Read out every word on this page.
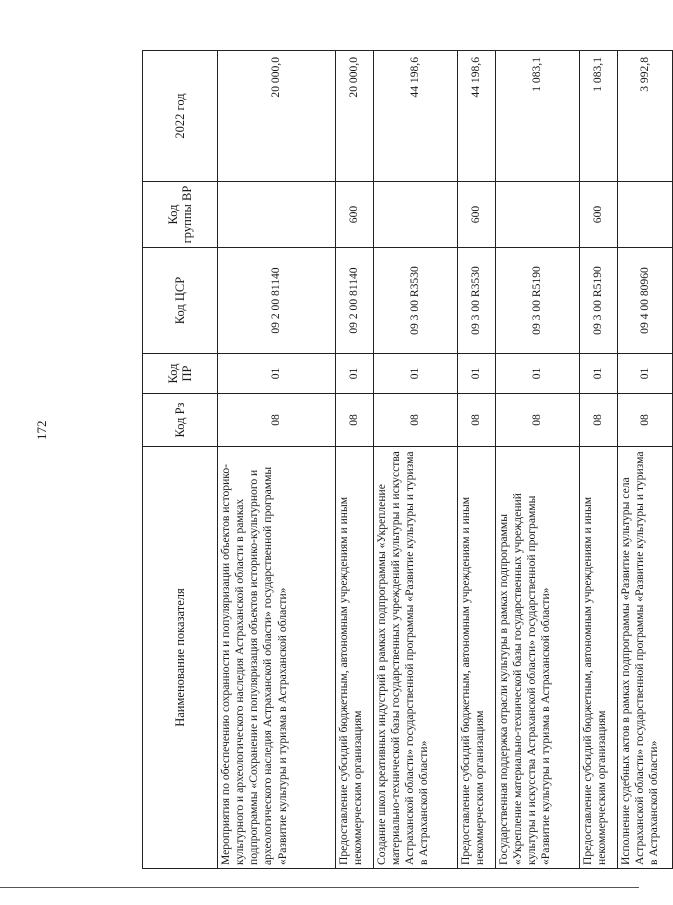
172
Наименование показателя	Код Рз	Код ПР	Код ЦСР	Код группы ВР	2022 год
Мероприятия по обеспечению сохранности и популяризации объектов историко-культурного и археологического наследия Астраханской области в рамках подпрограммы «Сохранение и популяризация объектов историко-культурного и археологического наследия Астраханской области» государственной программы «Развитие культуры и туризма в Астраханской области»	08	01	09 2 00 81140		20 000,0
Предоставление субсидий бюджетным, автономным учреждениям и иным некоммерческим организациям	08	01	09 2 00 81140	600	20 000,0
Создание школ креативных индустрий в рамках подпрограммы «Укрепление материально-технической базы государственных учреждений культуры и искусства Астраханской области» государственной программы «Развитие культуры и туризма в Астраханской области»	08	01	09 3 00 R3530		44 198,6
Предоставление субсидий бюджетным, автономным учреждениям и иным некоммерческим организациям	08	01	09 3 00 R3530	600	44 198,6
Государственная поддержка отрасли культуры в рамках подпрограммы «Укрепление материально-технической базы государственных учреждений культуры и искусства Астраханской области» государственной программы «Развитие культуры и туризма в Астраханской области»	08	01	09 3 00 R5190		1 083,1
Предоставление субсидий бюджетным, автономным учреждениям и иным некоммерческим организациям	08	01	09 3 00 R5190	600	1 083,1
Исполнение судебных актов в рамках подпрограммы «Развитие культуры села Астраханской области» государственной программы «Развитие культуры и туризма в Астраханской области»	08	01	09 4 00 80960		3 992,8
